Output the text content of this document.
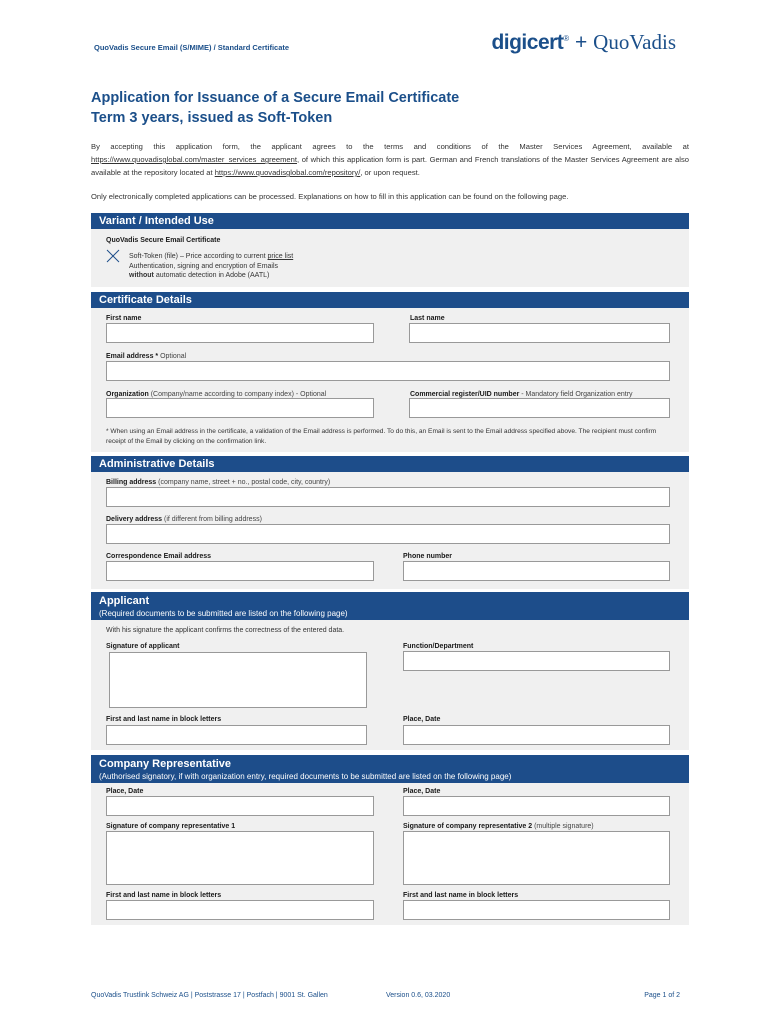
QuoVadis Secure Email (S/MIME) / Standard Certificate	digicert® + QuoVadis
Application for Issuance of a Secure Email Certificate
Term 3 years, issued as Soft-Token
By accepting this application form, the applicant agrees to the terms and conditions of the Master Services Agreement, available at https://www.quovadisglobal.com/master_services_agreement, of which this application form is part. German and French translations of the Master Services Agreement are also available at the repository located at https://www.quovadisglobal.com/repository/, or upon request.
Only electronically completed applications can be processed. Explanations on how to fill in this application can be found on the following page.
Variant / Intended Use
QuoVadis Secure Email Certificate
Soft-Token (file) – Price according to current price list
Authentication, signing and encryption of Emails
without automatic detection in Adobe (AATL)
Certificate Details
First name	Last name
Email address * Optional
Organization (Company/name according to company index) - Optional	Commercial register/UID number - Mandatory field Organization entry
* When using an Email address in the certificate, a validation of the Email address is performed. To do this, an Email is sent to the Email address specified above. The recipient must confirm receipt of the Email by clicking on the confirmation link.
Administrative Details
Billing address (company name, street + no., postal code, city, country)
Delivery address (if different from billing address)
Correspondence Email address	Phone number
Applicant
(Required documents to be submitted are listed on the following page)
With his signature the applicant confirms the correctness of the entered data.
Signature of applicant	Function/Department
First and last name in block letters	Place, Date
Company Representative
(Authorised signatory, if with organization entry, required documents to be submitted are listed on the following page)
Place, Date	Place, Date
Signature of company representative 1	Signature of company representative 2 (multiple signature)
First and last name in block letters	First and last name in block letters
QuoVadis Trustlink Schweiz AG | Poststrasse 17 | Postfach | 9001 St. Gallen	Version 0.6, 03.2020	Page 1 of 2
